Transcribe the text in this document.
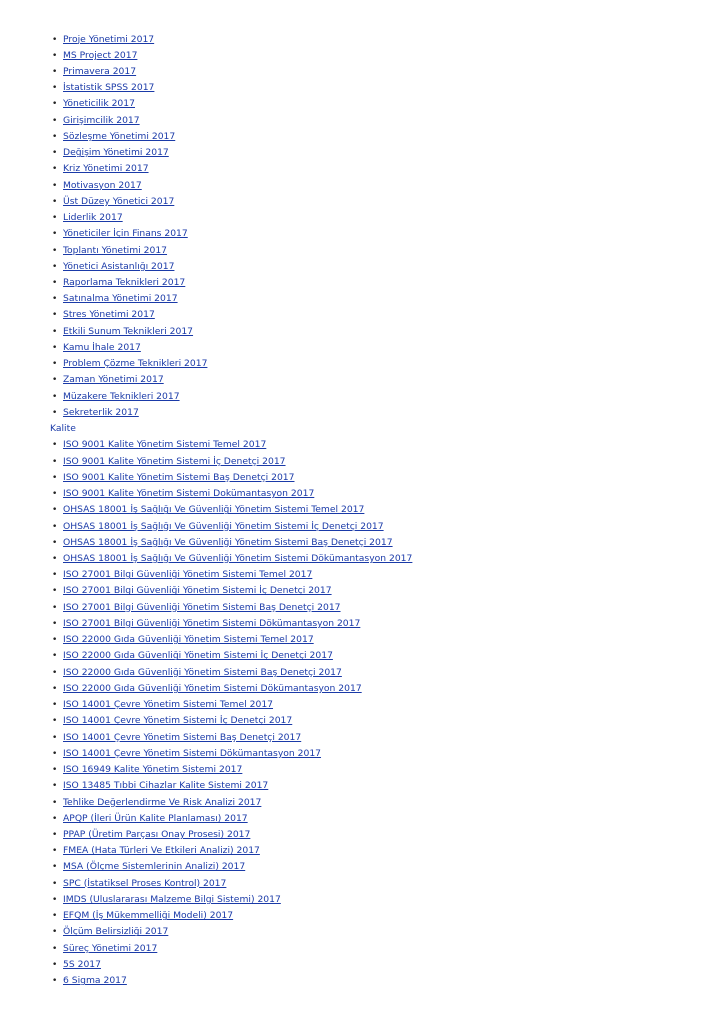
• Proje Yönetimi 2017
• MS Project 2017
• Primavera 2017
• İstatistik SPSS 2017
• Yöneticilik 2017
• Girişimcilik 2017
• Sözleşme Yönetimi 2017
• Değişim Yönetimi 2017
• Kriz Yönetimi 2017
• Motivasyon 2017
• Üst Düzey Yönetici 2017
• Liderlik 2017
• Yöneticiler İçin Finans 2017
• Toplantı Yönetimi 2017
• Yönetici Asistanlığı 2017
• Raporlama Teknikleri 2017
• Satınalma Yönetimi 2017
• Stres Yönetimi 2017
• Etkili Sunum Teknikleri 2017
• Kamu İhale 2017
• Problem Çözme Teknikleri 2017
• Zaman Yönetimi 2017
• Müzakere Teknikleri 2017
• Sekreterlik 2017
Kalite
• ISO 9001 Kalite Yönetim Sistemi Temel 2017
• ISO 9001 Kalite Yönetim Sistemi İç Denetçi 2017
• ISO 9001 Kalite Yönetim Sistemi Baş Denetçi 2017
• ISO 9001 Kalite Yönetim Sistemi Dokümantasyon 2017
• OHSAS 18001 İş Sağlığı Ve Güvenliği Yönetim Sistemi Temel 2017
• OHSAS 18001 İş Sağlığı Ve Güvenliği Yönetim Sistemi İç Denetçi 2017
• OHSAS 18001 İş Sağlığı Ve Güvenliği Yönetim Sistemi Baş Denetçi 2017
• OHSAS 18001 İş Sağlığı Ve Güvenliği Yönetim Sistemi Dökümantasyon 2017
• ISO 27001 Bilgi Güvenliği Yönetim Sistemi Temel 2017
• ISO 27001 Bilgi Güvenliği Yönetim Sistemi İç Denetçi 2017
• ISO 27001 Bilgi Güvenliği Yönetim Sistemi Baş Denetçi 2017
• ISO 27001 Bilgi Güvenliği Yönetim Sistemi Dökümantasyon 2017
• ISO 22000 Gıda Güvenliği Yönetim Sistemi Temel 2017
• ISO 22000 Gıda Güvenliği Yönetim Sistemi İç Denetçi 2017
• ISO 22000 Gıda Güvenliği Yönetim Sistemi Baş Denetçi 2017
• ISO 22000 Gıda Güvenliği Yönetim Sistemi Dökümantasyon 2017
• ISO 14001 Çevre Yönetim Sistemi Temel 2017
• ISO 14001 Çevre Yönetim Sistemi İç Denetçi 2017
• ISO 14001 Çevre Yönetim Sistemi Baş Denetçi 2017
• ISO 14001 Çevre Yönetim Sistemi Dökümantasyon 2017
• ISO 16949 Kalite Yönetim Sistemi 2017
• ISO 13485 Tıbbi Cihazlar Kalite Sistemi 2017
• Tehlike Değerlendirme Ve Risk Analizi 2017
• APQP (İleri Ürün Kalite Planlaması) 2017
• PPAP (Üretim Parçası Onay Prosesi) 2017
• FMEA (Hata Türleri Ve Etkileri Analizi) 2017
• MSA (Ölçme Sistemlerinin Analizi) 2017
• SPC (İstatiksel Proses Kontrol) 2017
• IMDS (Uluslararası Malzeme Bilgi Sistemi) 2017
• EFQM (İş Mükemmelliği Modeli) 2017
• Ölçüm Belirsizliği 2017
• Süreç Yönetimi 2017
• 5S 2017
• 6 Sigma 2017
